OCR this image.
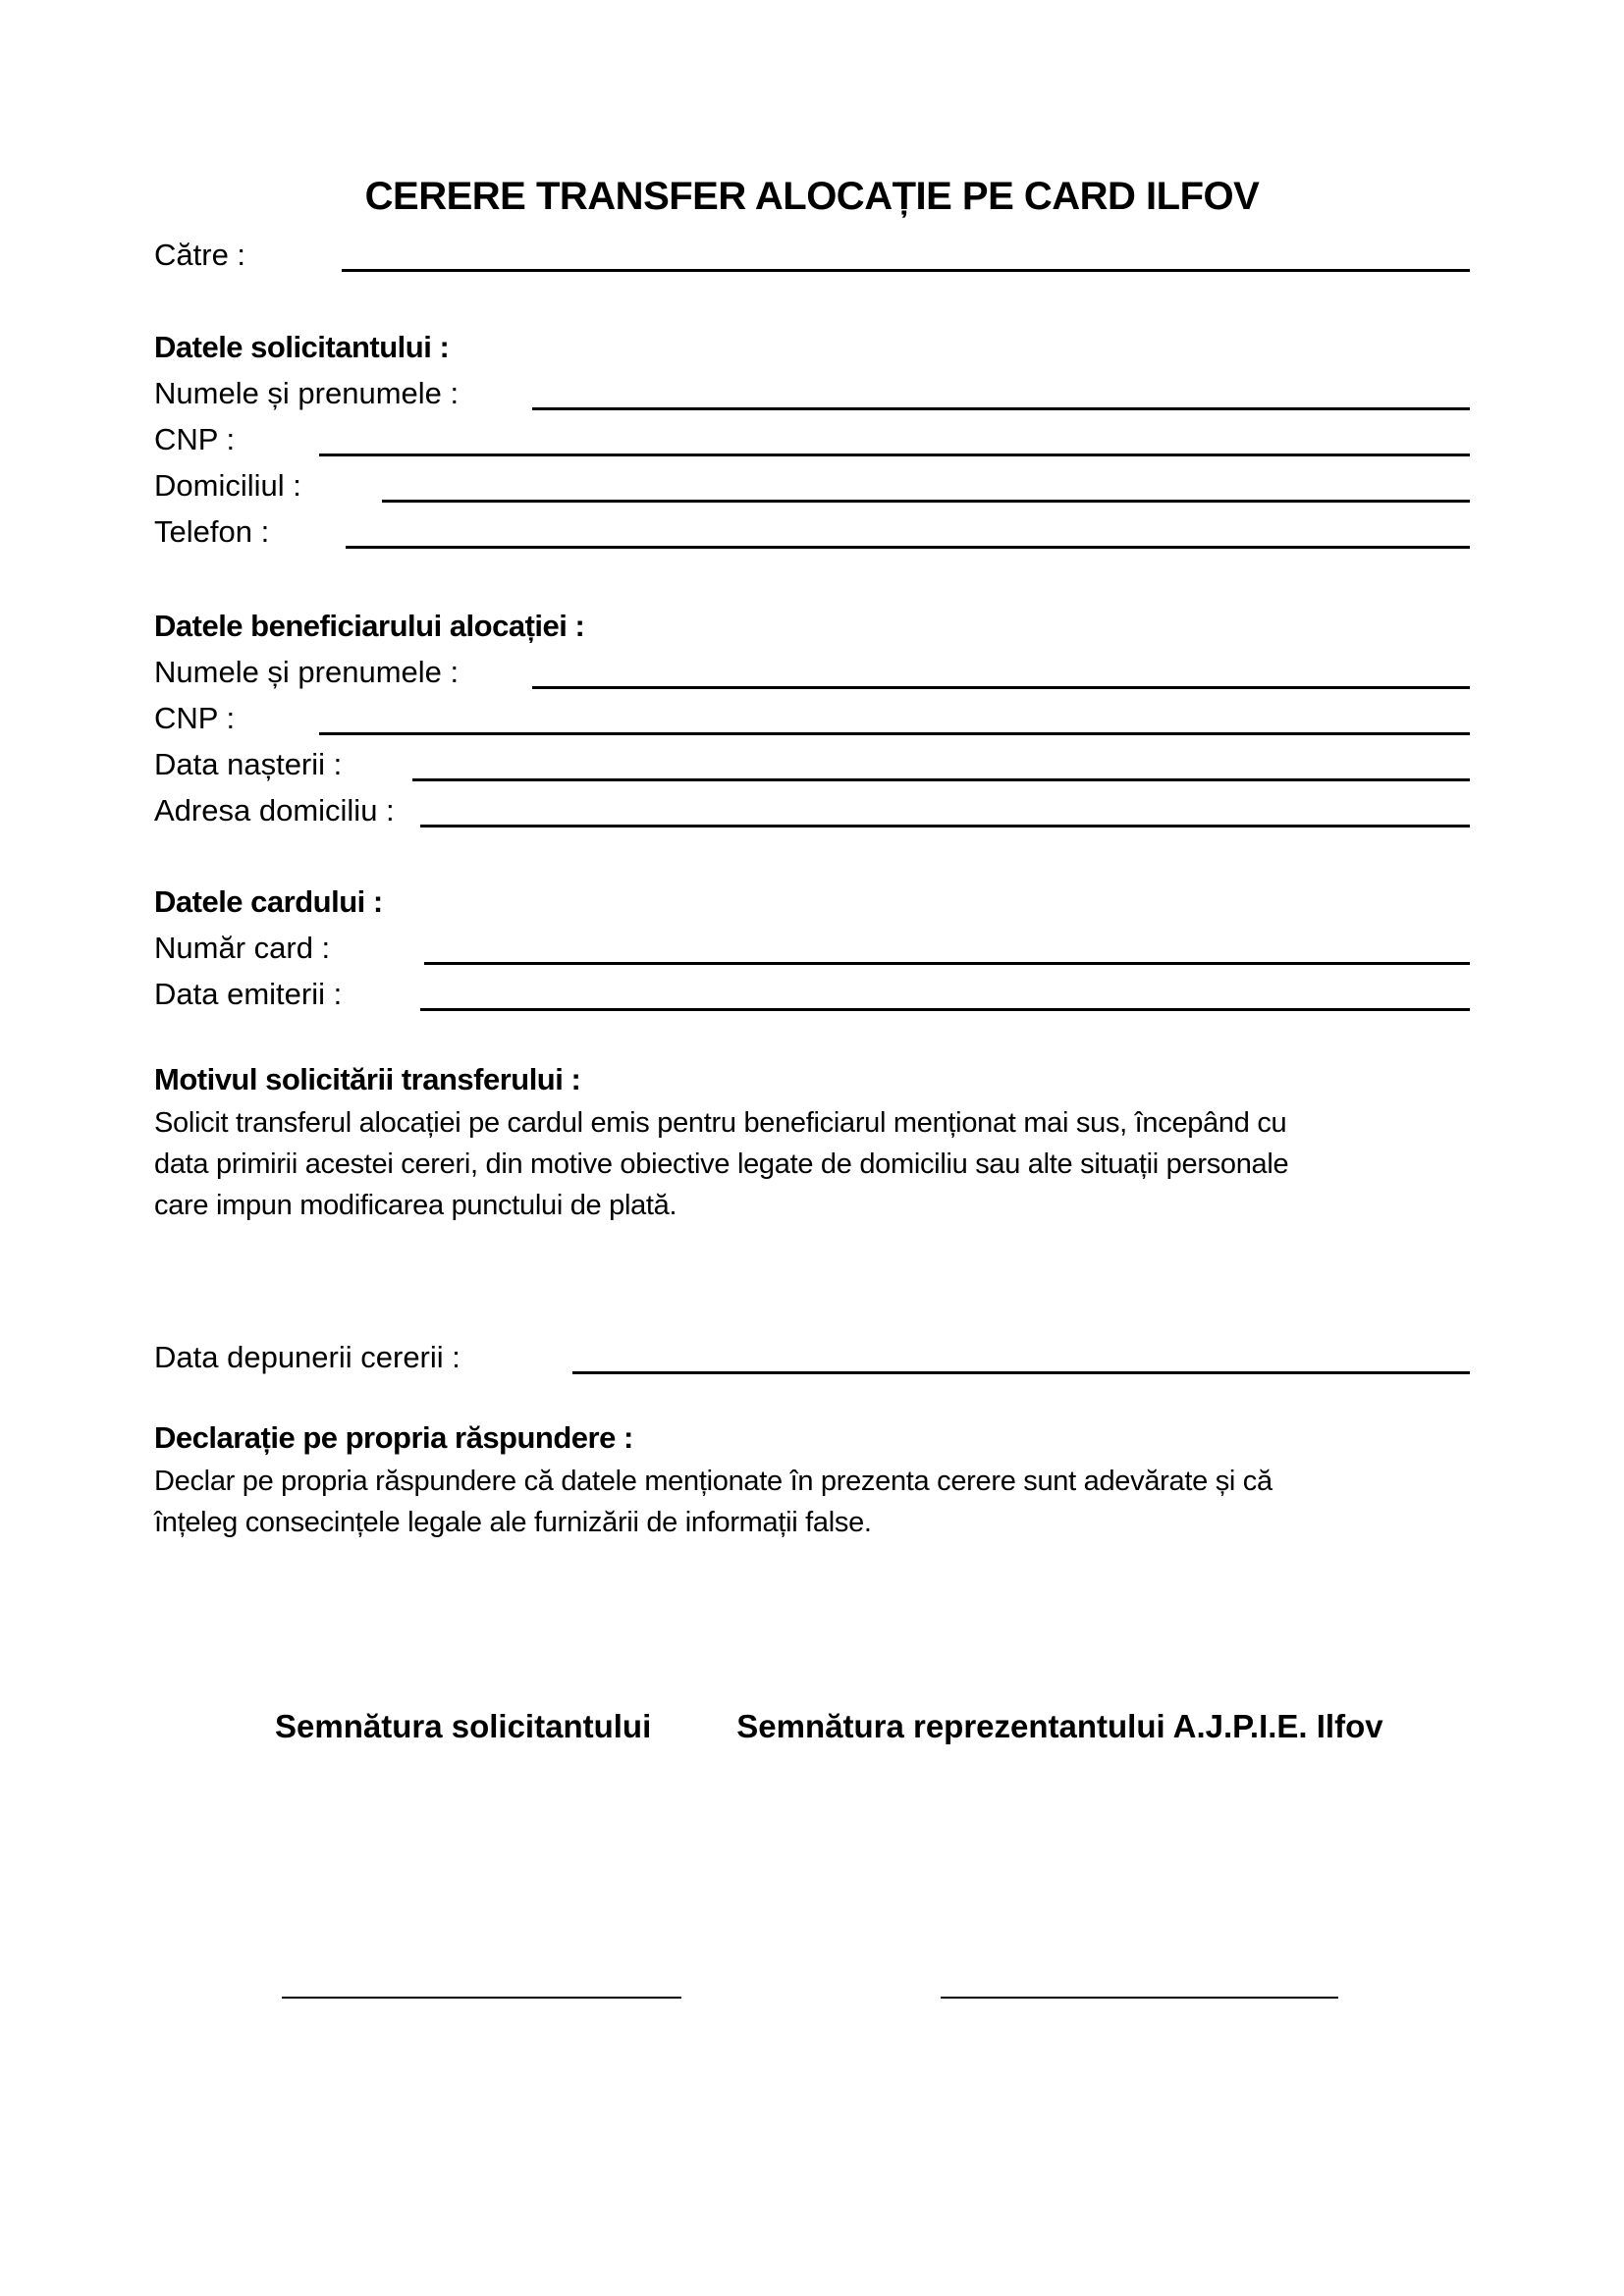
CERERE TRANSFER ALOCAȚIE PE CARD ILFOV
Către :
Datele solicitantului :
Numele și prenumele :
CNP :
Domiciliul :
Telefon :
Datele beneficiarului alocației :
Numele și prenumele :
CNP :
Data nașterii :
Adresa domiciliu :
Datele cardului :
Număr card :
Data emiterii :
Motivul solicitării transferului :
Solicit transferul alocației pe cardul emis pentru beneficiarul menționat mai sus, începând cu
data primirii acestei cereri, din motive obiective legate de domiciliu sau alte situații personale
care impun modificarea punctului de plată.
Data depunerii cererii :
Declarație pe propria răspundere :
Declar pe propria răspundere că datele menționate în prezenta cerere sunt adevărate și că
înțeleg consecințele legale ale furnizării de informații false.
Semnătura solicitantului	Semnătura reprezentantului A.J.P.I.E. Ilfov
